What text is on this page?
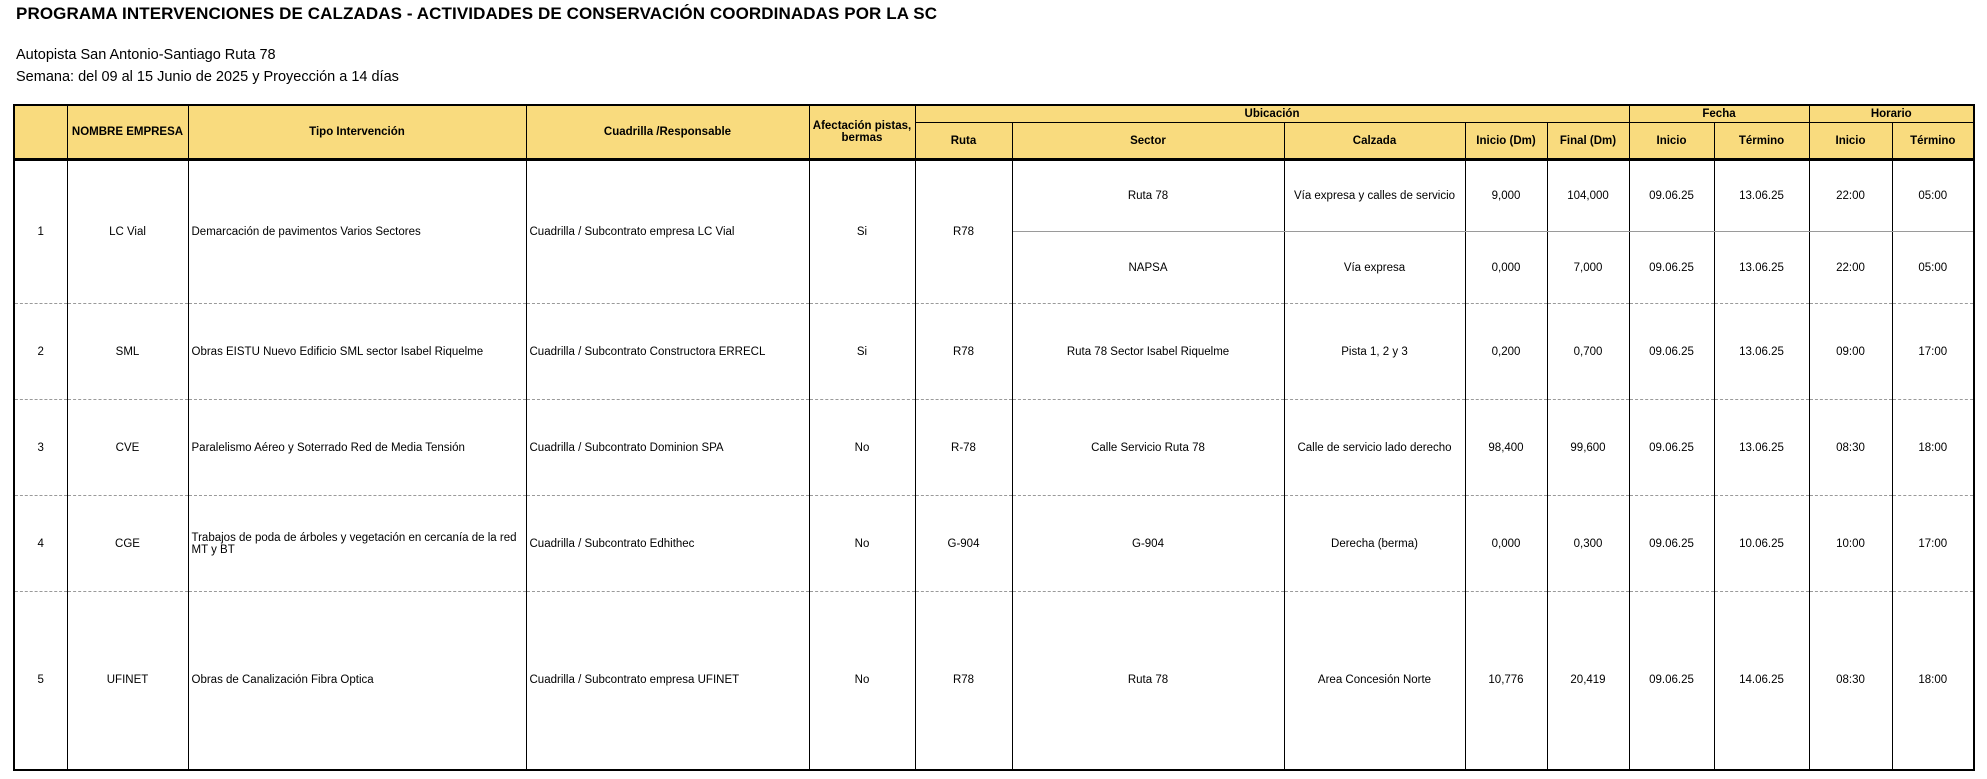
PROGRAMA INTERVENCIONES DE CALZADAS - ACTIVIDADES DE CONSERVACIÓN COORDINADAS POR LA SC
Autopista San Antonio-Santiago Ruta 78
Semana: del 09 al 15 Junio de 2025 y Proyección a 14 días
	NOMBRE EMPRESA	Tipo Intervención	Cuadrilla /Responsable	Afectación pistas, bermas	Ubicación					Fecha		Horario	
					Ruta	Sector	Calzada	Inicio (Dm)	Final (Dm)	Inicio	Término	Inicio	Término
1	LC Vial	Demarcación de pavimentos Varios Sectores	Cuadrilla / Subcontrato empresa LC Vial	Si	R78	Ruta 78	Vía expresa y calles de servicio	9,000	104,000	09.06.25	13.06.25	22:00	05:00
						NAPSA	Vía expresa	0,000	7,000	09.06.25	13.06.25	22:00	05:00
2	SML	Obras EISTU Nuevo Edificio SML sector Isabel Riquelme	Cuadrilla / Subcontrato Constructora ERRECL	Si	R78	Ruta 78 Sector Isabel Riquelme	Pista 1, 2 y 3	0,200	0,700	09.06.25	13.06.25	09:00	17:00
3	CVE	Paralelismo Aéreo y Soterrado Red de Media Tensión	Cuadrilla / Subcontrato Dominion SPA	No	R-78	Calle Servicio Ruta 78	Calle de servicio lado derecho	98,400	99,600	09.06.25	13.06.25	08:30	18:00
4	CGE	Trabajos de poda de árboles y vegetación en cercanía de la red MT y BT	Cuadrilla / Subcontrato Edhithec	No	G-904	G-904	Derecha (berma)	0,000	0,300	09.06.25	10.06.25	10:00	17:00
5	UFINET	Obras de Canalización Fibra Optica	Cuadrilla / Subcontrato empresa UFINET	No	R78	Ruta 78	Area Concesión Norte	10,776	20,419	09.06.25	14.06.25	08:30	18:00
